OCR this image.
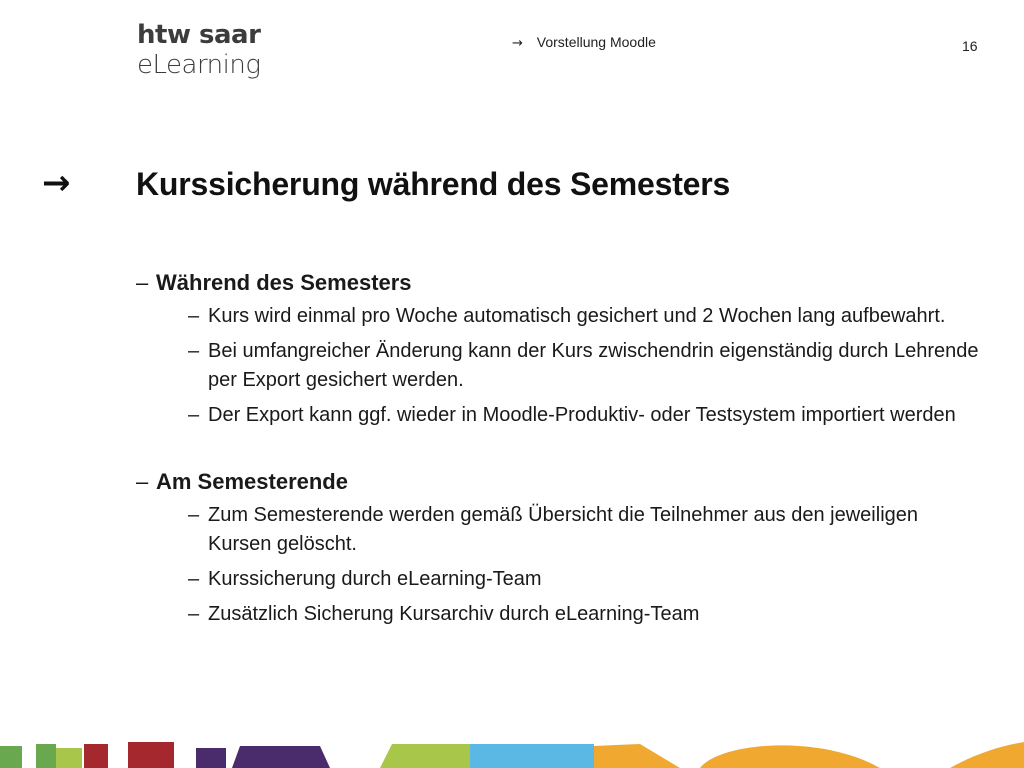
htw saar
eLearning
→ Vorstellung Moodle	16
→ Kurssicherung während des Semesters
– Während des Semesters
– Kurs wird einmal pro Woche automatisch gesichert und 2 Wochen lang aufbewahrt.
– Bei umfangreicher Änderung kann der Kurs zwischendrin eigenständig durch Lehrende per Export gesichert werden.
– Der Export kann ggf. wieder in Moodle-Produktiv- oder Testsystem importiert werden
– Am Semesterende
– Zum Semesterende werden gemäß Übersicht die Teilnehmer aus den jeweiligen Kursen gelöscht.
– Kurssicherung durch eLearning-Team
– Zusätzlich Sicherung Kursarchiv durch eLearning-Team
